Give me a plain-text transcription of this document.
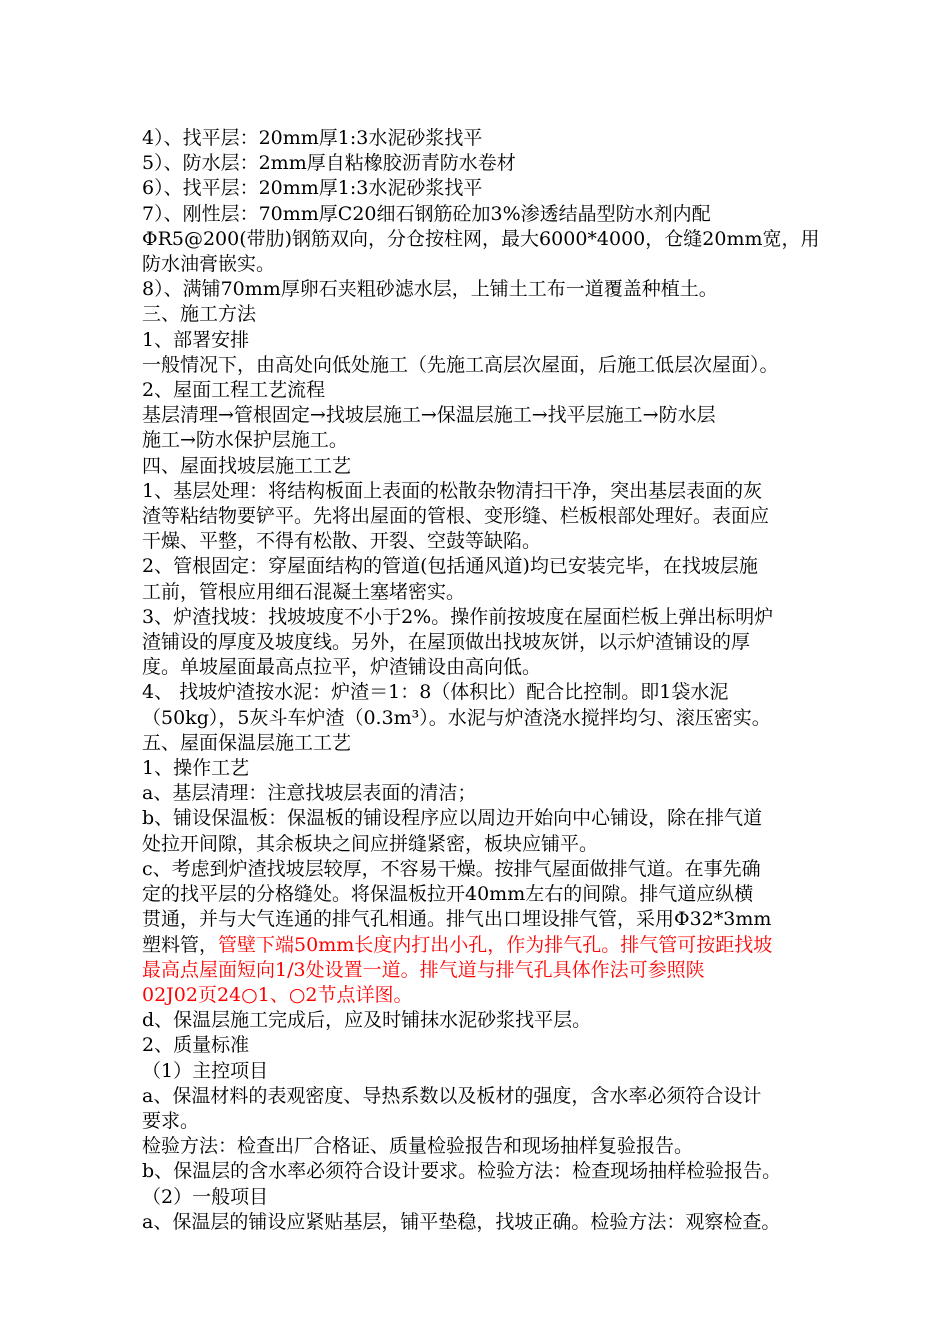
4）、找平层：20mm厚1:3水泥砂浆找平

5）、防水层：2mm厚自粘橡胶沥青防水卷材

6）、找平层：20mm厚1:3水泥砂浆找平

7）、刚性层：70mm厚C20细石钢筋砼加3%渗透结晶型防水剂内配

ΦR5@200(带肋)钢筋双向，分仓按柱网，最大6000*4000，仓缝20mm宽，用

防水油膏嵌实。

8）、满铺70mm厚卵石夹粗砂滤水层，上铺土工布一道覆盖种植土。

三、施工方法

1、部署安排

一般情况下，由高处向低处施工（先施工高层次屋面，后施工低层次屋面）。

2、屋面工程工艺流程

基层清理→管根固定→找坡层施工→保温层施工→找平层施工→防水层

施工→防水保护层施工。

四、屋面找坡层施工工艺

1、基层处理：将结构板面上表面的松散杂物清扫干净，突出基层表面的灰

渣等粘结物要铲平。先将出屋面的管根、变形缝、栏板根部处理好。表面应

干燥、平整，不得有松散、开裂、空鼓等缺陷。

2、管根固定：穿屋面结构的管道(包括通风道)均已安装完毕，在找坡层施

工前，管根应用细石混凝土塞堵密实。

3、炉渣找坡：找坡坡度不小于2%。操作前按坡度在屋面栏板上弹出标明炉

渣铺设的厚度及坡度线。另外，在屋顶做出找坡灰饼，以示炉渣铺设的厚

度。单坡屋面最高点拉平，炉渣铺设由高向低。

4、 找坡炉渣按水泥：炉渣＝1：8（体积比）配合比控制。即1袋水泥

（50kg），5灰斗车炉渣（0.3m³）。水泥与炉渣浇水搅拌均匀、滚压密实。

五、屋面保温层施工工艺

1、操作工艺

a、基层清理：注意找坡层表面的清洁；

b、铺设保温板：保温板的铺设程序应以周边开始向中心铺设，除在排气道

处拉开间隙，其余板块之间应拼缝紧密，板块应铺平。

c、考虑到炉渣找坡层较厚，不容易干燥。按排气屋面做排气道。在事先确

定的找平层的分格缝处。将保温板拉开40mm左右的间隙。排气道应纵横

贯通，并与大气连通的排气孔相通。排气出口埋设排气管，采用Φ32*3mm

塑料管，管壁下端50mm长度内打出小孔，作为排气孔。排气管可按距找坡

最高点屋面短向1/3处设置一道。排气道与排气孔具体作法可参照陕

02J02页24○1、○2节点详图。

d、保温层施工完成后，应及时铺抹水泥砂浆找平层。

2、质量标准

（1）主控项目

a、保温材料的表观密度、导热系数以及板材的强度，含水率必须符合设计

要求。

检验方法：检查出厂合格证、质量检验报告和现场抽样复验报告。

b、保温层的含水率必须符合设计要求。检验方法：检查现场抽样检验报告。

（2）一般项目

a、保温层的铺设应紧贴基层，铺平垫稳，找坡正确。检验方法：观察检查。
